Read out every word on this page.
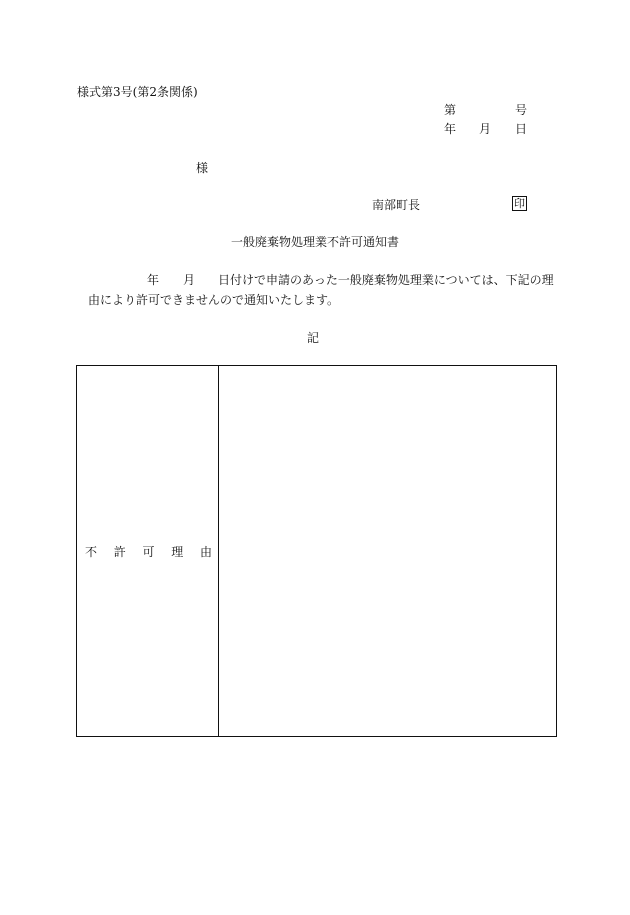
様式第3号(第2条関係)
第	号
年 月 日
様
南部町長	印
一般廃棄物処理業不許可通知書
年 月 日付けで申請のあった一般廃棄物処理業については、下記の理
由により許可できませんので通知いたします。
記
不 許 可 理 由
